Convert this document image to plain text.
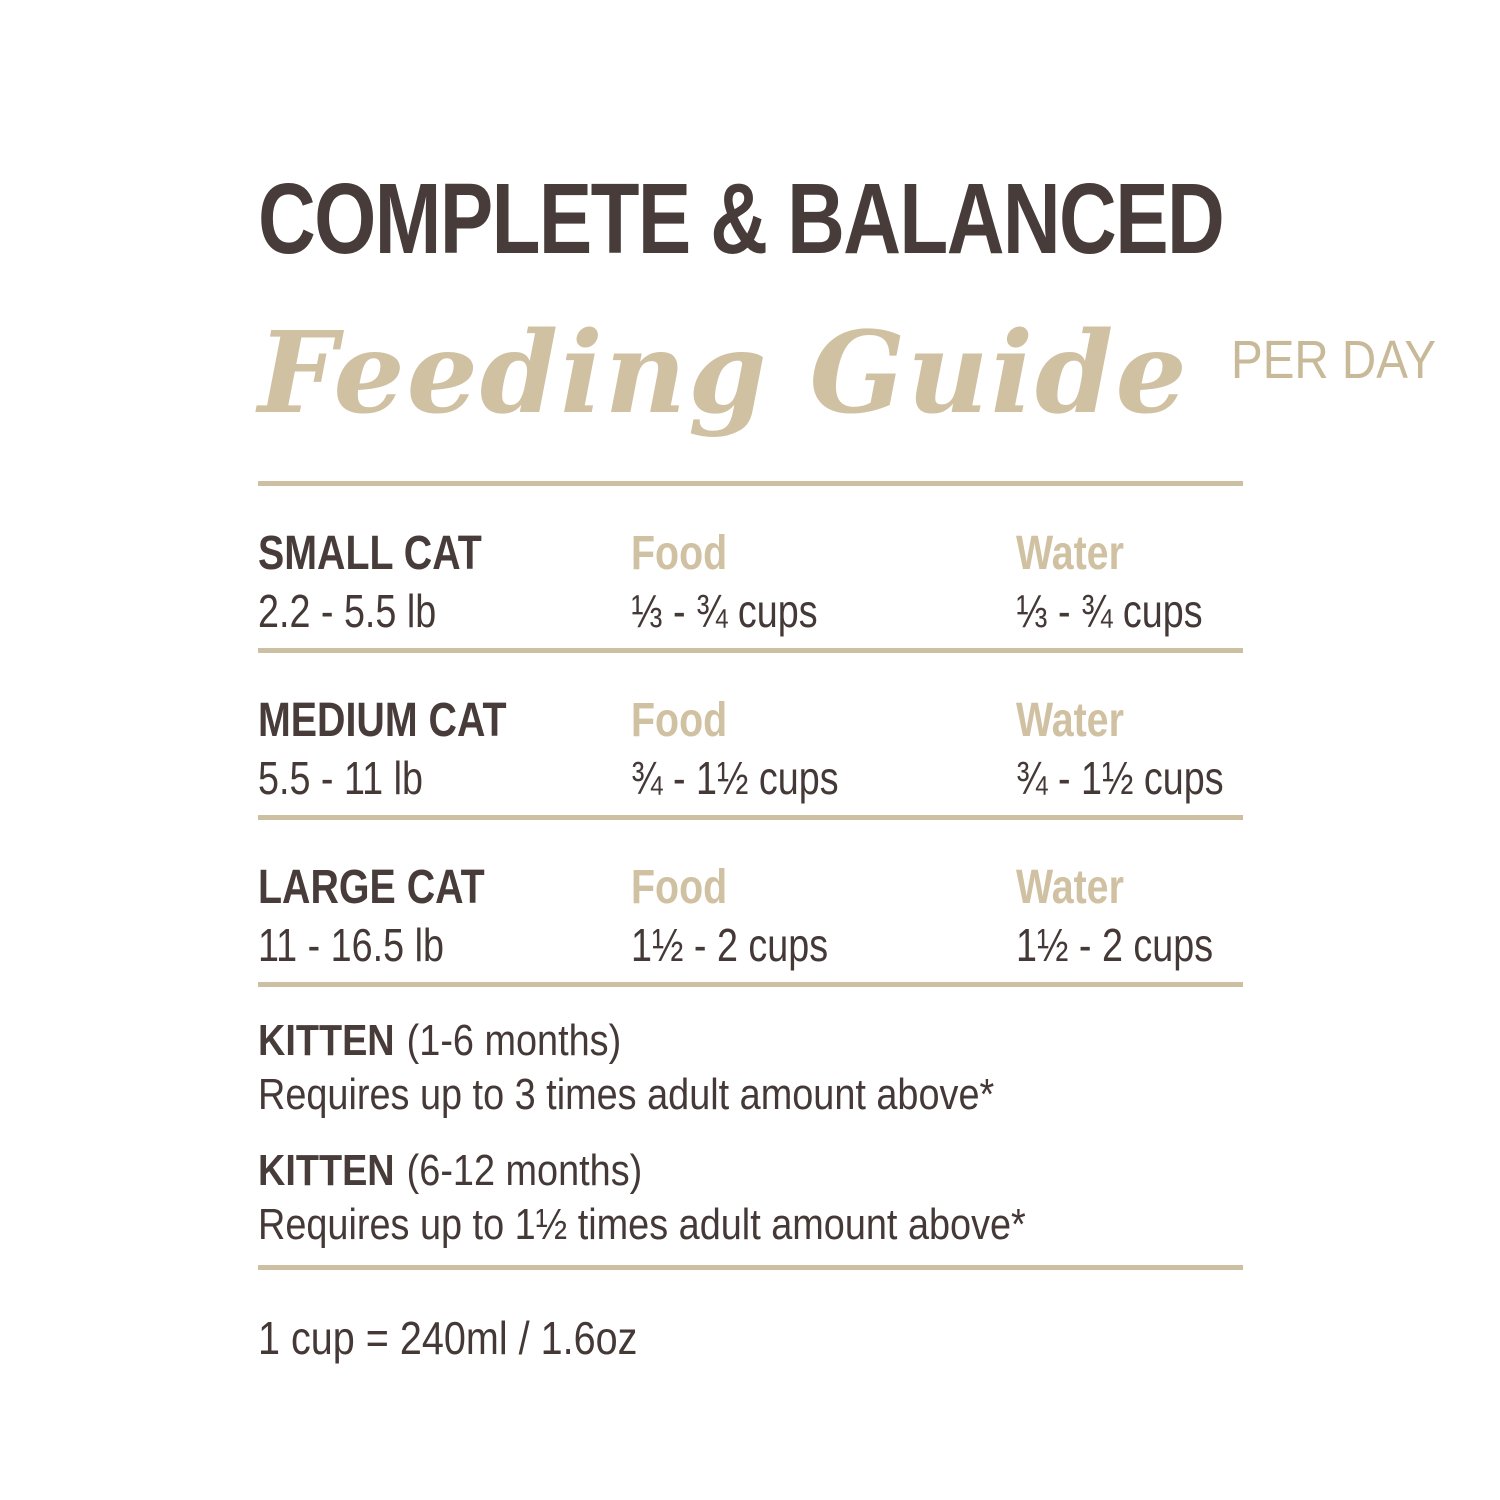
COMPLETE & BALANCED
Feeding Guide PER DAY
SMALL CAT
2.2 - 5.5 lb
Food
⅓ - ¾ cups
Water
⅓ - ¾ cups
MEDIUM CAT
5.5 - 11 lb
Food
¾ - 1½ cups
Water
¾ - 1½ cups
LARGE CAT
11 - 16.5 lb
Food
1½ - 2 cups
Water
1½ - 2 cups
KITTEN (1-6 months)
Requires up to 3 times adult amount above*
KITTEN (6-12 months)
Requires up to 1½ times adult amount above*
1 cup = 240ml / 1.6oz
